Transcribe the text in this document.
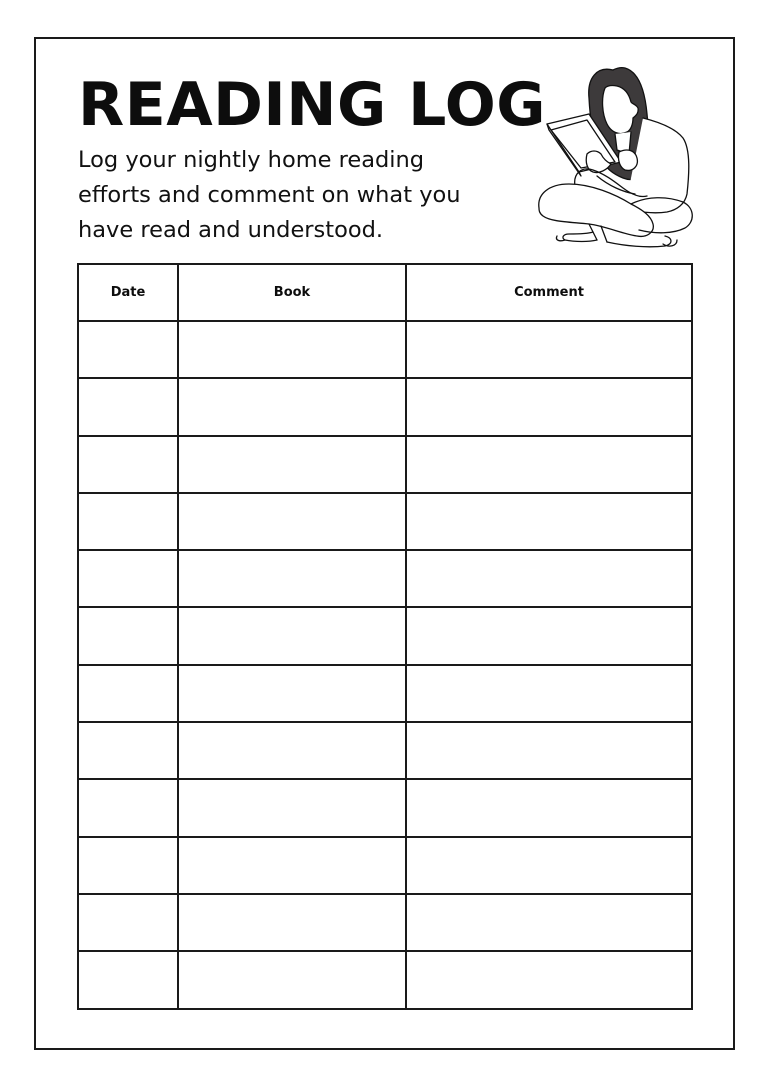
READING LOG

Log your nightly home reading
efforts and comment on what you
have read and understood.

Date	Book	Comment
